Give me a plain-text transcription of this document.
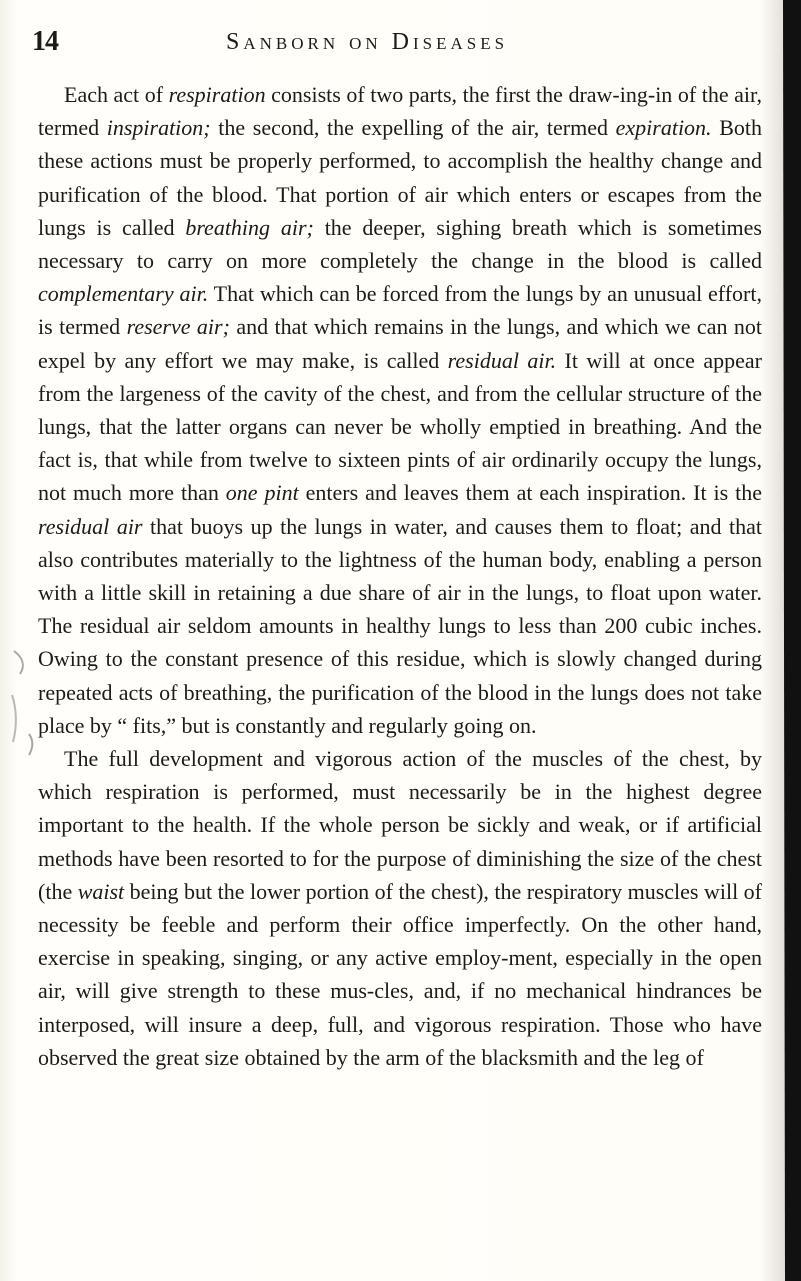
14	Sanborn on Diseases

Each act of respiration consists of two parts, the first the draw-ing-in of the air, termed inspiration; the second, the expelling of the air, termed expiration. Both these actions must be properly performed, to accomplish the healthy change and purification of the blood. That portion of air which enters or escapes from the lungs is called breathing air; the deeper, sighing breath which is sometimes necessary to carry on more completely the change in the blood is called complementary air. That which can be forced from the lungs by an unusual effort, is termed reserve air; and that which remains in the lungs, and which we can not expel by any effort we may make, is called residual air. It will at once appear from the largeness of the cavity of the chest, and from the cellular structure of the lungs, that the latter organs can never be wholly emptied in breathing. And the fact is, that while from twelve to sixteen pints of air ordinarily occupy the lungs, not much more than one pint enters and leaves them at each inspiration. It is the residual air that buoys up the lungs in water, and causes them to float; and that also contributes materially to the lightness of the human body, enabling a person with a little skill in retaining a due share of air in the lungs, to float upon water. The residual air seldom amounts in healthy lungs to less than 200 cubic inches. Owing to the constant presence of this residue, which is slowly changed during repeated acts of breathing, the purification of the blood in the lungs does not take place by “ fits,” but is constantly and regularly going on.

The full development and vigorous action of the muscles of the chest, by which respiration is performed, must necessarily be in the highest degree important to the health. If the whole person be sickly and weak, or if artificial methods have been resorted to for the purpose of diminishing the size of the chest (the waist being but the lower portion of the chest), the respiratory muscles will of necessity be feeble and perform their office imperfectly. On the other hand, exercise in speaking, singing, or any active employ-ment, especially in the open air, will give strength to these mus-cles, and, if no mechanical hindrances be interposed, will insure a deep, full, and vigorous respiration. Those who have observed the great size obtained by the arm of the blacksmith and the leg of
